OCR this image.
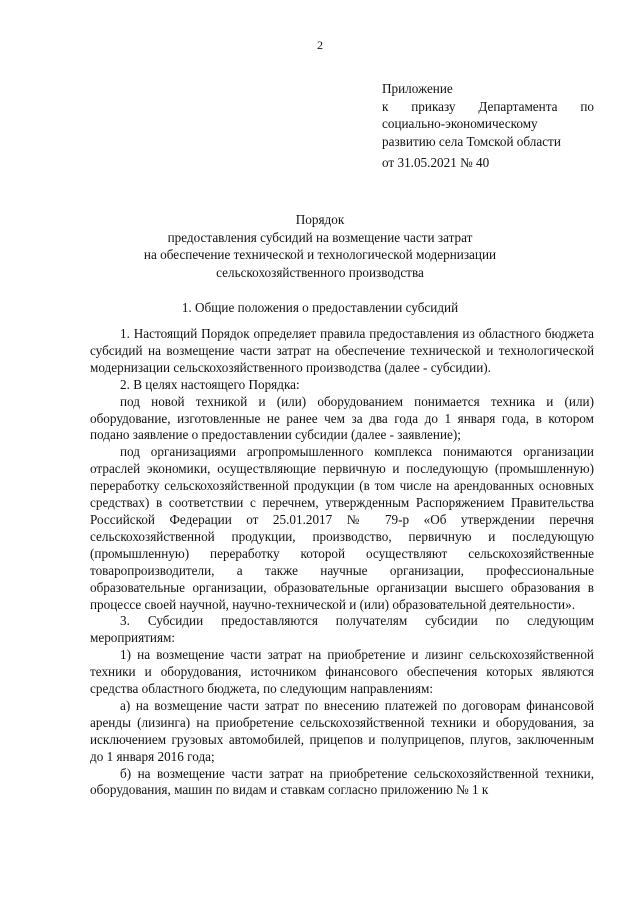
2
Приложение
к приказу Департамента по
социально-экономическому
развитию села Томской области
от 31.05.2021 № 40
Порядок
предоставления субсидий на возмещение части затрат
на обеспечение технической и технологической модернизации
сельскохозяйственного производства
1. Общие положения о предоставлении субсидий

1. Настоящий Порядок определяет правила предоставления из областного бюджета субсидий на возмещение части затрат на обеспечение технической и технологической модернизации сельскохозяйственного производства (далее - субсидии).

2. В целях настоящего Порядка:

под новой техникой и (или) оборудованием понимается техника и (или) оборудование, изготовленные не ранее чем за два года до 1 января года, в котором подано заявление о предоставлении субсидии (далее - заявление);

под организациями агропромышленного комплекса понимаются организации отраслей экономики, осуществляющие первичную и последующую (промышленную) переработку сельскохозяйственной продукции (в том числе на арендованных основных средствах) в соответствии с перечнем, утвержденным Распоряжением Правительства Российской Федерации от 25.01.2017 № 79-р «Об утверждении перечня сельскохозяйственной продукции, производство, первичную и последующую (промышленную) переработку которой осуществляют сельскохозяйственные товаропроизводители, а также научные организации, профессиональные образовательные организации, образовательные организации высшего образования в процессе своей научной, научно-технической и (или) образовательной деятельности».

3. Субсидии предоставляются получателям субсидии по следующим мероприятиям:

1) на возмещение части затрат на приобретение и лизинг сельскохозяйственной техники и оборудования, источником финансового обеспечения которых являются средства областного бюджета, по следующим направлениям:

а) на возмещение части затрат по внесению платежей по договорам финансовой аренды (лизинга) на приобретение сельскохозяйственной техники и оборудования, за исключением грузовых автомобилей, прицепов и полуприцепов, плугов, заключенным до 1 января 2016 года;

б) на возмещение части затрат на приобретение сельскохозяйственной техники, оборудования, машин по видам и ставкам согласно приложению № 1 к
